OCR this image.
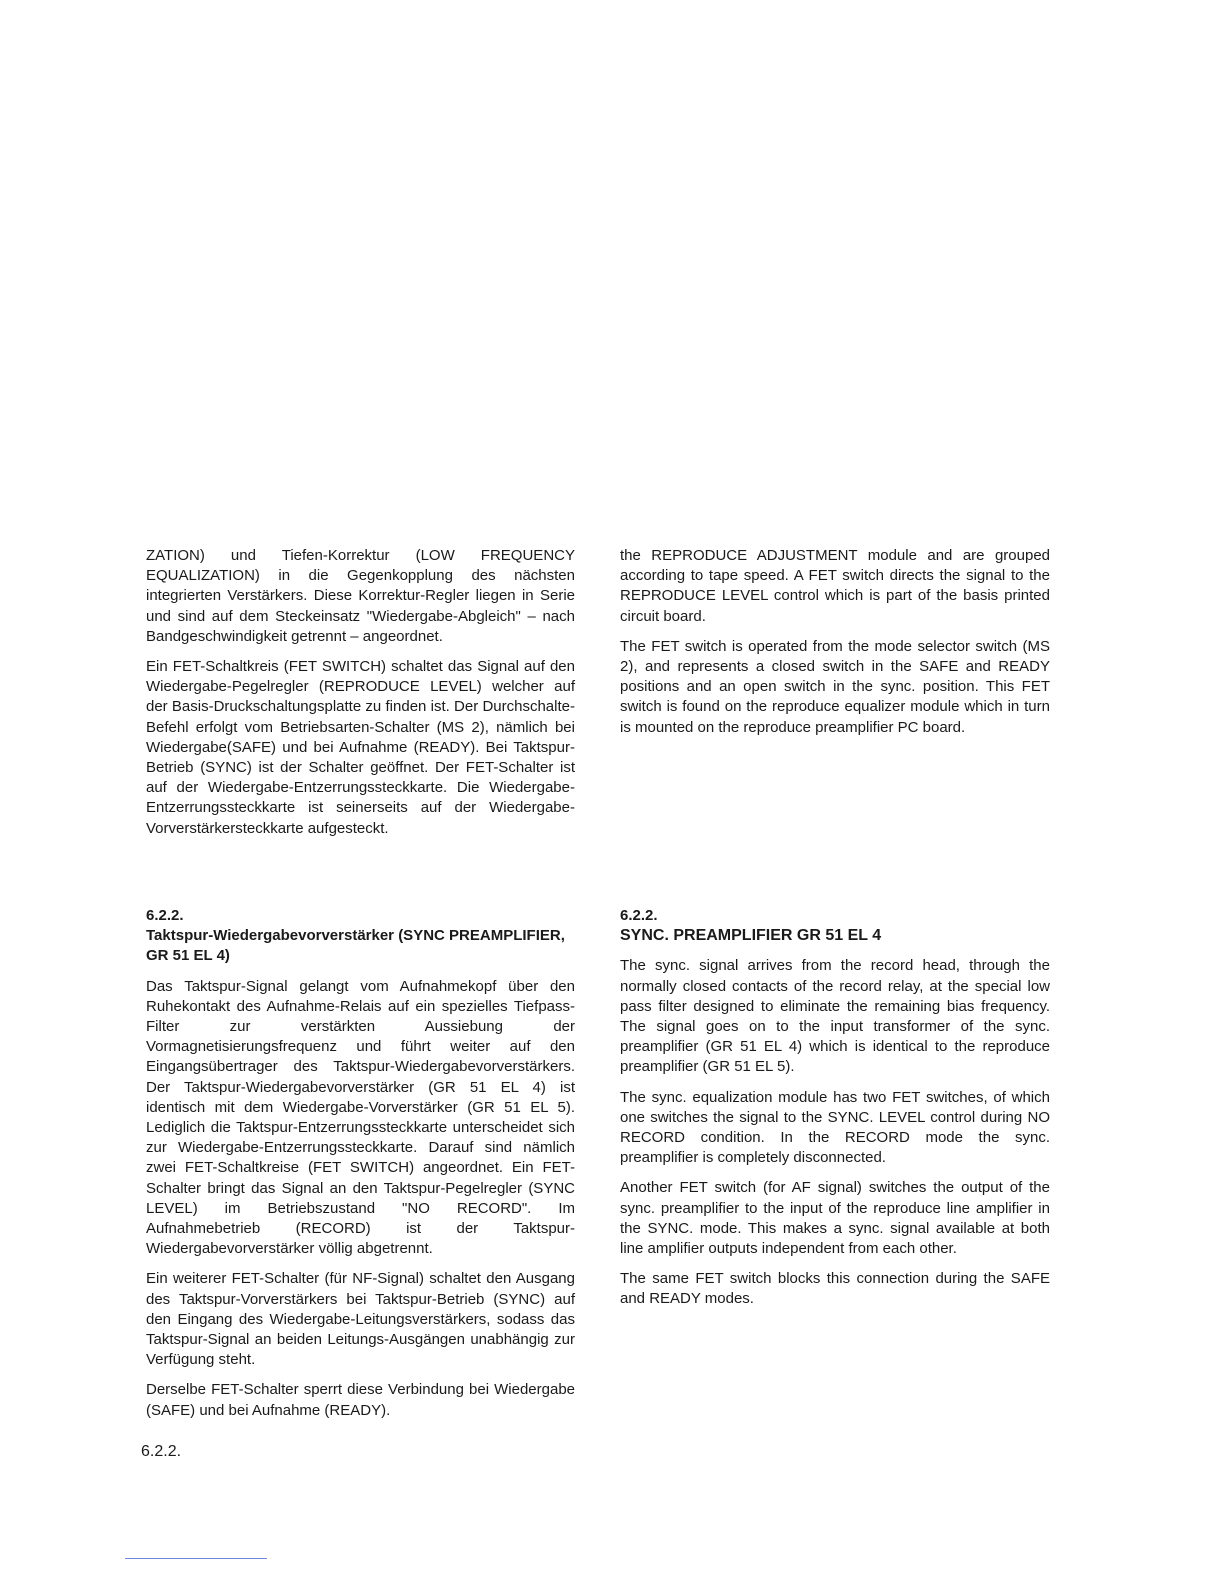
ZATION) und Tiefen-Korrektur (LOW FREQUENCY EQUALIZATION) in die Gegenkopplung des nächsten integrierten Verstärkers. Diese Korrektur-Regler liegen in Serie und sind auf dem Steckeinsatz "Wiedergabe-Abgleich" – nach Bandgeschwindigkeit getrennt – angeordnet.

Ein FET-Schaltkreis (FET SWITCH) schaltet das Signal auf den Wiedergabe-Pegelregler (REPRODUCE LEVEL) welcher auf der Basis-Druckschaltungsplatte zu finden ist. Der Durchschalte-Befehl erfolgt vom Betriebsarten-Schalter (MS 2), nämlich bei Wiedergabe(SAFE) und bei Aufnahme (READY). Bei Taktspur-Betrieb (SYNC) ist der Schalter geöffnet. Der FET-Schalter ist auf der Wiedergabe-Entzerrungssteckkarte. Die Wiedergabe-Entzerrungssteckkarte ist seinerseits auf der Wiedergabe-Vorverstärkersteckkarte aufgesteckt.

the REPRODUCE ADJUSTMENT module and are grouped according to tape speed. A FET switch directs the signal to the REPRODUCE LEVEL control which is part of the basis printed circuit board.

The FET switch is operated from the mode selector switch (MS 2), and represents a closed switch in the SAFE and READY positions and an open switch in the sync. position. This FET switch is found on the reproduce equalizer module which in turn is mounted on the reproduce preamplifier PC board.

6.2.2.

Taktspur-Wiedergabevorverstärker (SYNC PREAMPLIFIER, GR 51 EL 4)

Das Taktspur-Signal gelangt vom Aufnahmekopf über den Ruhekontakt des Aufnahme-Relais auf ein spezielles Tiefpass-Filter zur verstärkten Aussiebung der Vormagnetisierungsfrequenz und führt weiter auf den Eingangsübertrager des Taktspur-Wiedergabevorverstärkers. Der Taktspur-Wiedergabevorverstärker (GR 51 EL 4) ist identisch mit dem Wiedergabe-Vorverstärker (GR 51 EL 5). Lediglich die Taktspur-Entzerrungssteckkarte unterscheidet sich zur Wiedergabe-Entzerrungssteckkarte. Darauf sind nämlich zwei FET-Schaltkreise (FET SWITCH) angeordnet. Ein FET-Schalter bringt das Signal an den Taktspur-Pegelregler (SYNC LEVEL) im Betriebszustand "NO RECORD". Im Aufnahmebetrieb (RECORD) ist der Taktspur-Wiedergabevorverstärker völlig abgetrennt.

Ein weiterer FET-Schalter (für NF-Signal) schaltet den Ausgang des Taktspur-Vorverstärkers bei Taktspur-Betrieb (SYNC) auf den Eingang des Wiedergabe-Leitungsverstärkers, sodass das Taktspur-Signal an beiden Leitungs-Ausgängen unabhängig zur Verfügung steht.

Derselbe FET-Schalter sperrt diese Verbindung bei Wiedergabe (SAFE) und bei Aufnahme (READY).

6.2.2.

SYNC. PREAMPLIFIER GR 51 EL 4

The sync. signal arrives from the record head, through the normally closed contacts of the record relay, at the special low pass filter designed to eliminate the remaining bias frequency. The signal goes on to the input transformer of the sync. preamplifier (GR 51 EL 4) which is identical to the reproduce preamplifier (GR 51 EL 5).

The sync. equalization module has two FET switches, of which one switches the signal to the SYNC. LEVEL control during NO RECORD condition. In the RECORD mode the sync. preamplifier is completely disconnected.

Another FET switch (for AF signal) switches the output of the sync. preamplifier to the input of the reproduce line amplifier in the SYNC. mode. This makes a sync. signal available at both line amplifier outputs independent from each other.

The same FET switch blocks this connection during the SAFE and READY modes.

6.2.2.
